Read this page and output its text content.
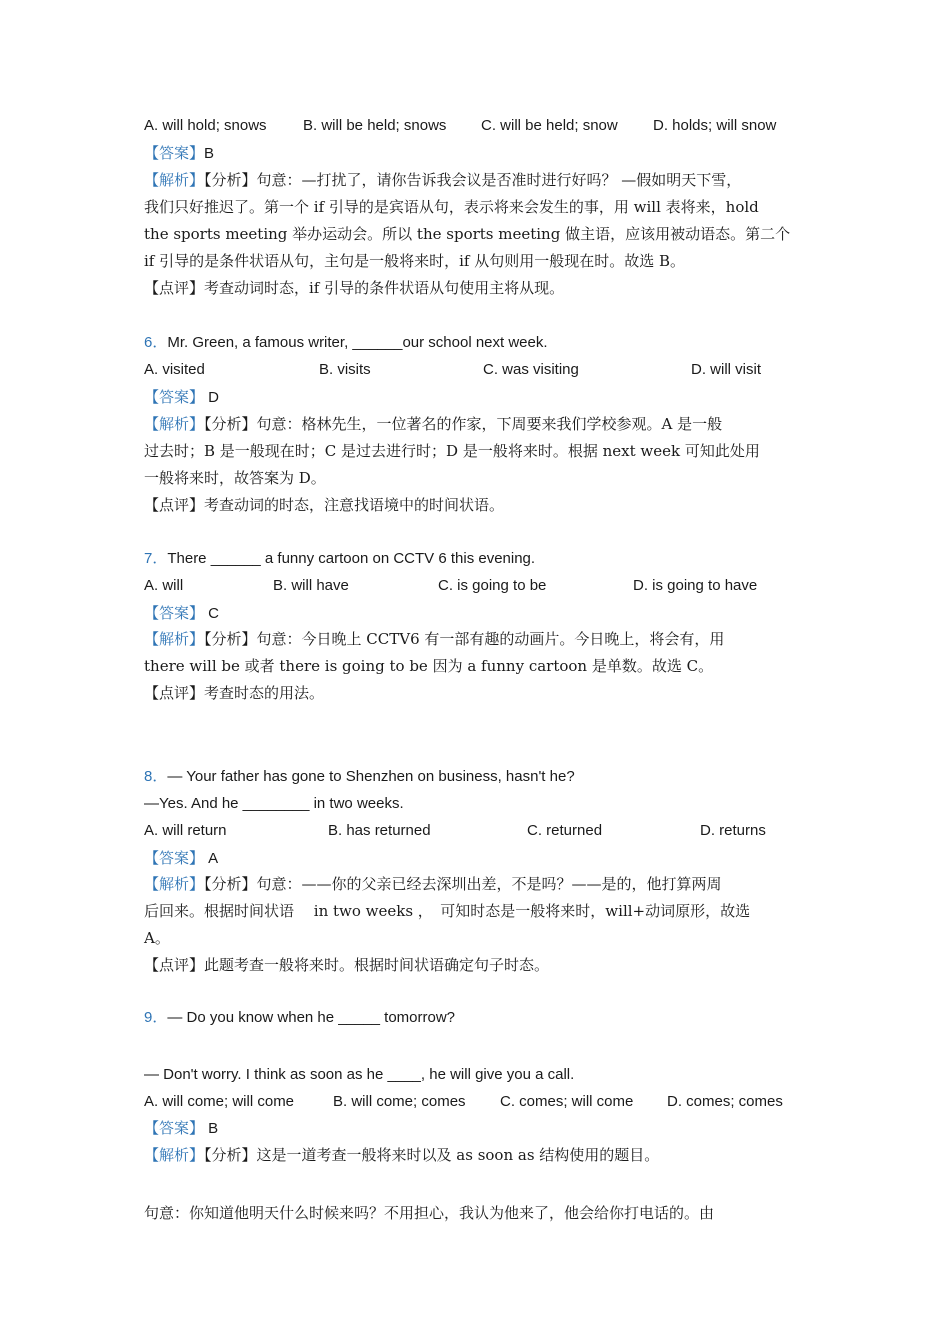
A. will hold; snows B. will be held; snows C. will be held; snow D. holds; will snow
【答案】B
【解析】【分析】句意：—打扰了，请你告诉我会议是否准时进行好吗？ —假如明天下雪，
我们只好推迟了。第一个 if 引导的是宾语从句，表示将来会发生的事，用 will 表将来，hold
the sports meeting 举办运动会。所以 the sports meeting 做主语，应该用被动语态。第二个
if 引导的是条件状语从句，主句是一般将来时，if 从句则用一般现在时。故选 B。
【点评】考查动词时态，if 引导的条件状语从句使用主将从现。
6．Mr. Green, a famous writer, ______our school next week.
A. visited	B. visits	C. was visiting	D. will visit
【答案】 D
【解析】【分析】句意：格林先生，一位著名的作家，下周要来我们学校参观。A 是一般
过去时；B 是一般现在时；C 是过去进行时；D 是一般将来时。根据 next week 可知此处用
一般将来时，故答案为 D。
【点评】考查动词的时态，注意找语境中的时间状语。
7．There ______ a funny cartoon on CCTV 6 this evening.
A. will	B. will have	C. is going to be	D. is going to have
【答案】 C
【解析】【分析】句意：今日晚上 CCTV6 有一部有趣的动画片。今日晚上，将会有，用
there will be 或者 there is going to be 因为 a funny cartoon 是单数。故选 C。
【点评】考查时态的用法。
8．— Your father has gone to Shenzhen on business, hasn't he?
—Yes. And he ________ in two weeks.
A. will return	B. has returned	C. returned	D. returns
【答案】 A
【解析】【分析】句意：——你的父亲已经去深圳出差，不是吗？——是的，他打算两周
后回来。根据时间状语　 in two weeks ，　可知时态是一般将来时，will+动词原形，故选
A。
【点评】此题考查一般将来时。根据时间状语确定句子时态。
9．— Do you know when he _____ tomorrow?
— Don't worry. I think as soon as he ____, he will give you a call.
A. will come; will come	B. will come; comes C. comes; will come D. comes; comes
【答案】 B
【解析】【分析】这是一道考查一般将来时以及 as soon as 结构使用的题目。
句意：你知道他明天什么时候来吗？不用担心，我认为他来了，他会给你打电话的。由
